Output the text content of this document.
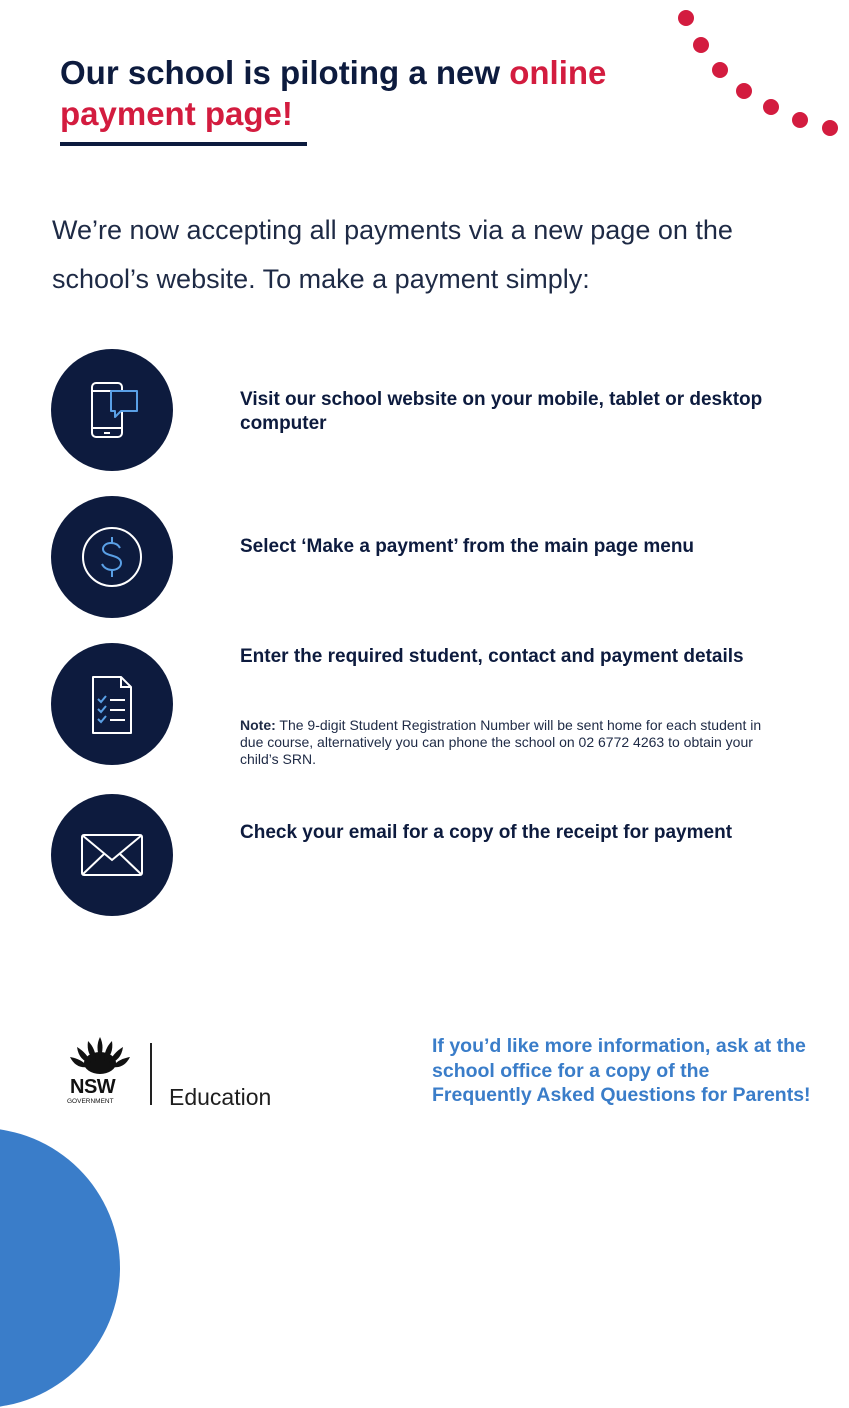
Our school is piloting a new online payment page!
We’re now accepting all payments via a new page on the school’s website. To make a payment simply:
Visit our school website on your mobile, tablet or desktop computer
Select ‘Make a payment’ from the main page menu
Enter the required student, contact and payment details
Note: The 9-digit Student Registration Number will be sent home for each student in due course, alternatively you can phone the school on 02 6772 4263 to obtain your child’s SRN.
Check your email for a copy of the receipt for payment
NSW
GOVERNMENT Education
If you’d like more information, ask at the school office for a copy of the Frequently Asked Questions for Parents!
